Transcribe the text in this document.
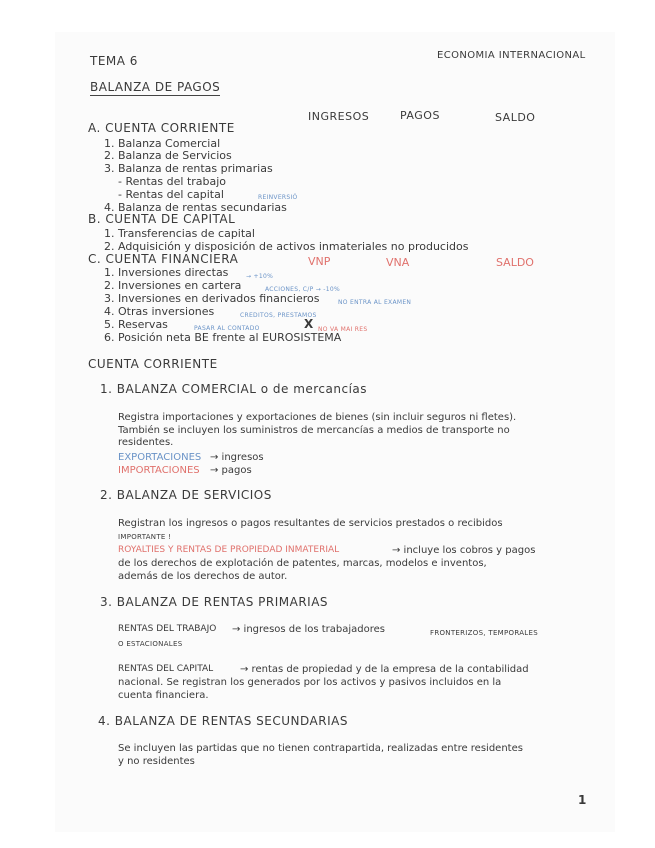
TEMA 6	ECONOMIA INTERNACIONAL
BALANZA DE PAGOS
INGRESOS	PAGOS	SALDO
A. CUENTA CORRIENTE
1. Balanza Comercial
2. Balanza de Servicios
3. Balanza de rentas primarias
- Rentas del trabajo
- Rentas del capital	REINVERSIÓ
4. Balanza de rentas secundarias
B. CUENTA DE CAPITAL
1. Transferencias de capital
2. Adquisición y disposición de activos inmateriales no producidos
C. CUENTA FINANCIERA	VNP	VNA	SALDO
1. Inversiones directas	→ +10%
2. Inversiones en cartera	ACCIONES, C/P → -10%
3. Inversiones en derivados financieros	NO ENTRA AL EXAMEN
4. Otras inversiones	CREDITOS, PRESTAMOS
5. Reservas	PASAR AL CONTADO	X NO VA MAI RES
6. Posición neta BE frente al EUROSISTEMA
CUENTA CORRIENTE
1. BALANZA COMERCIAL o de mercancías
Registra importaciones y exportaciones de bienes (sin incluir seguros ni fletes).
También se incluyen los suministros de mercancías a medios de transporte no
residentes.
EXPORTACIONES → ingresos
IMPORTACIONES → pagos
2. BALANZA DE SERVICIOS
Registran los ingresos o pagos resultantes de servicios prestados o recibidos
IMPORTANTE !
ROYALTIES Y RENTAS DE PROPIEDAD INMATERIAL	→ incluye los cobros y pagos
de los derechos de explotación de patentes, marcas, modelos e inventos,
además de los derechos de autor.
3. BALANZA DE RENTAS PRIMARIAS
RENTAS DEL TRABAJO → ingresos de los trabajadores	FRONTERIZOS, TEMPORALES
O ESTACIONALES
RENTAS DEL CAPITAL	→ rentas de propiedad y de la empresa de la contabilidad
nacional. Se registran los generados por los activos y pasivos incluidos en la
cuenta financiera.
4. BALANZA DE RENTAS SECUNDARIAS
Se incluyen las partidas que no tienen contrapartida, realizadas entre residentes
y no residentes
1
